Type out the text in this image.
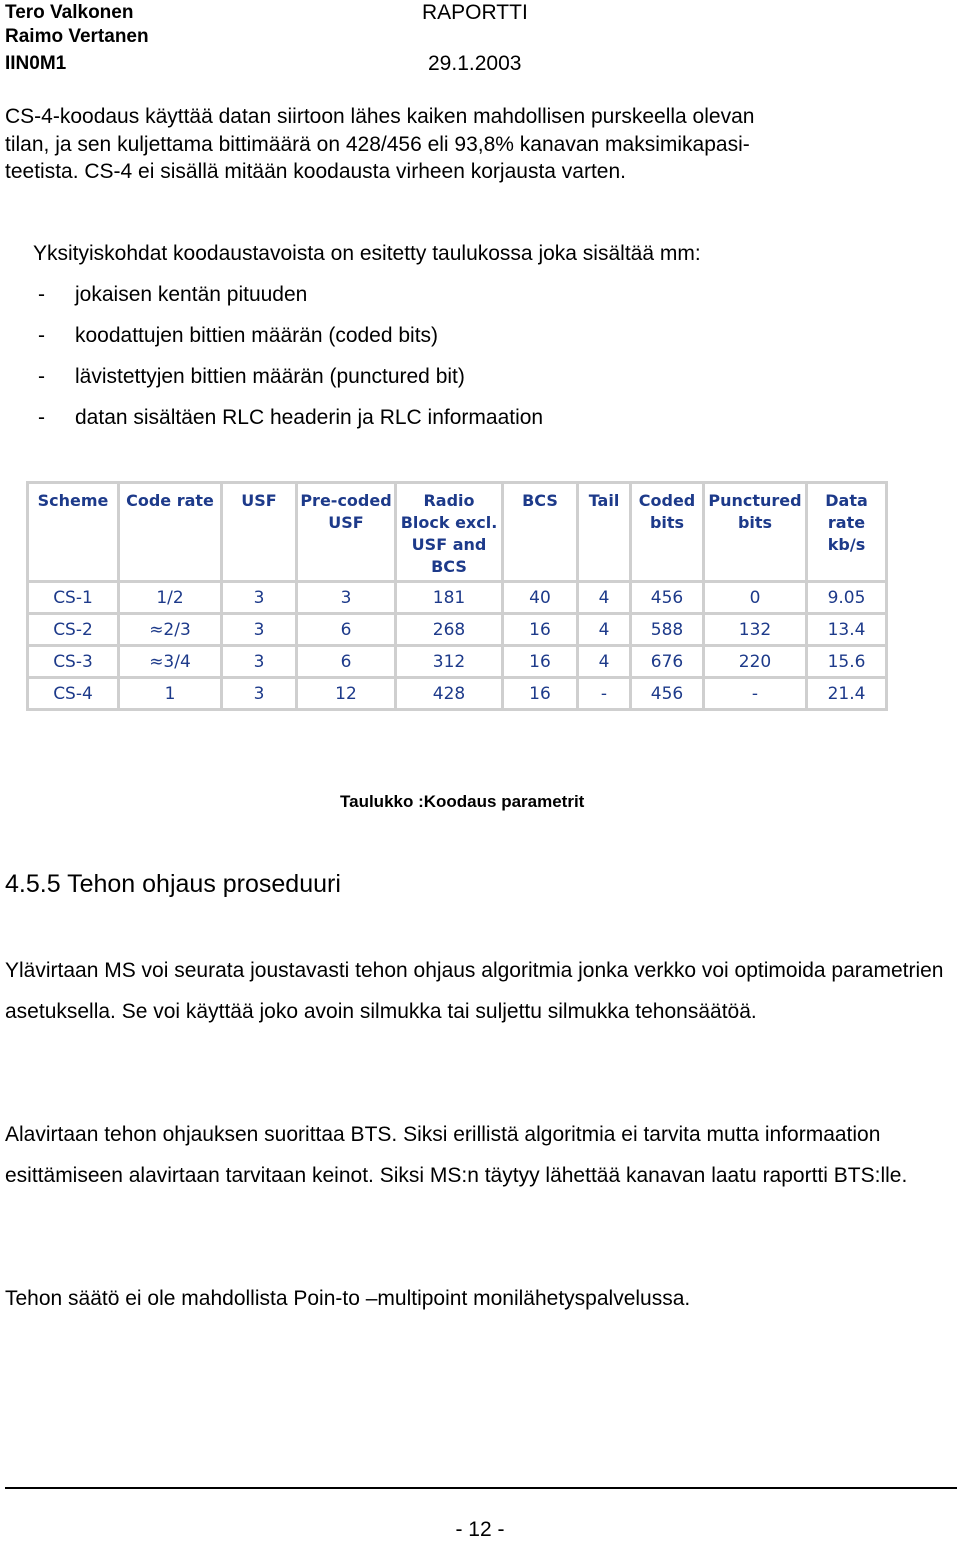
Tero Valkonen
Raimo Vertanen
IIN0M1
RAPORTTI
29.1.2003
CS-4-koodaus käyttää datan siirtoon lähes kaiken mahdollisen purskeella olevan
tilan, ja sen kuljettama bittimäärä on 428/456 eli 93,8% kanavan maksimikapasi-
teetista. CS-4 ei sisällä mitään koodausta virheen korjausta varten.
Yksityiskohdat koodaustavoista on esitetty taulukossa joka sisältää mm:
- jokaisen kentän pituuden
- koodattujen bittien määrän (coded bits)
- lävistettyjen bittien määrän (punctured bit)
- datan sisältäen RLC headerin ja RLC informaation
Scheme	Code rate	USF	Pre-coded USF	Radio Block excl. USF and BCS	BCS	Tail	Coded bits	Punctured bits	Data rate kb/s
CS-1	1/2	3	3	181	40	4	456	0	9.05
CS-2	≈2/3	3	6	268	16	4	588	132	13.4
CS-3	≈3/4	3	6	312	16	4	676	220	15.6
CS-4	1	3	12	428	16	-	456	-	21.4
Taulukko :Koodaus parametrit
4.5.5 Tehon ohjaus proseduuri
Ylävirtaan MS voi seurata joustavasti tehon ohjaus algoritmia jonka verkko voi optimoida parametrien asetuksella. Se voi käyttää joko avoin silmukka tai suljettu silmukka tehonsäätöä.
Alavirtaan tehon ohjauksen suorittaa BTS. Siksi erillistä algoritmia ei tarvita mutta informaation esittämiseen alavirtaan tarvitaan keinot. Siksi MS:n täytyy lähettää kanavan laatu raportti BTS:lle.
Tehon säätö ei ole mahdollista Poin-to –multipoint monilähetyspalvelussa.
- 12 -
